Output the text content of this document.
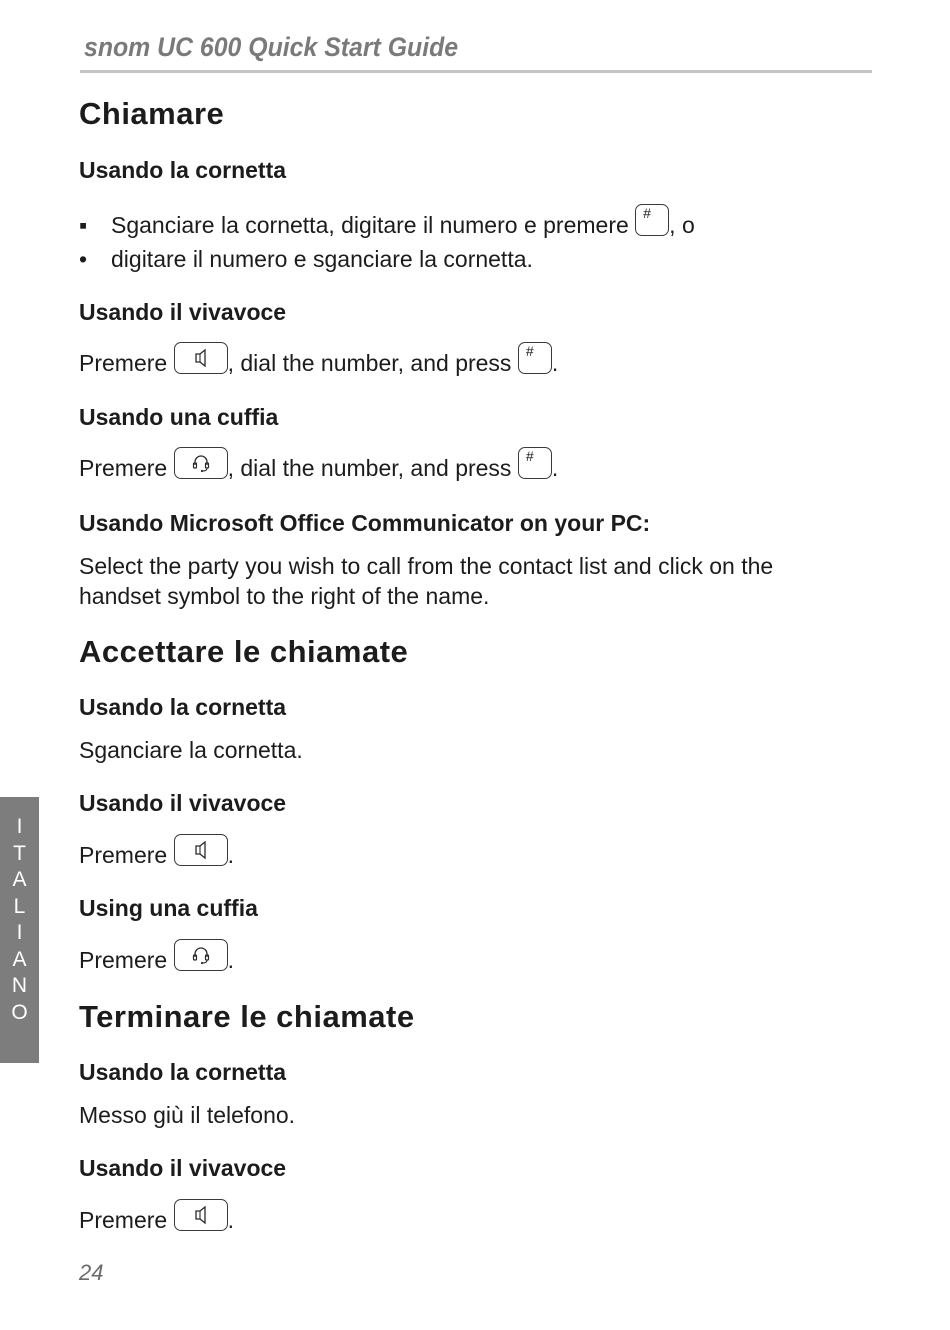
snom UC 600 Quick Start Guide
Chiamare
Usando la cornetta
▪ Sganciare la cornetta, digitare il numero e premere # , o
• digitare il numero e sganciare la cornetta.
Usando il vivavoce
Premere	, dial the number, and press # .
Usando una cuffia
Premere	, dial the number, and press # .
Usando Microsoft Office Communicator on your PC:
Select the party you wish to call from the contact list and click on the handset symbol to the right of the name.
Accettare le chiamate
Usando la cornetta
Sganciare la cornetta.
Usando il vivavoce
Premere	.
Using una cuffia
Premere	.
Terminare le chiamate
Usando la cornetta
Messo giù il telefono.
Usando il vivavoce
Premere	.
I
T
A
L
I
A
N
O
24
